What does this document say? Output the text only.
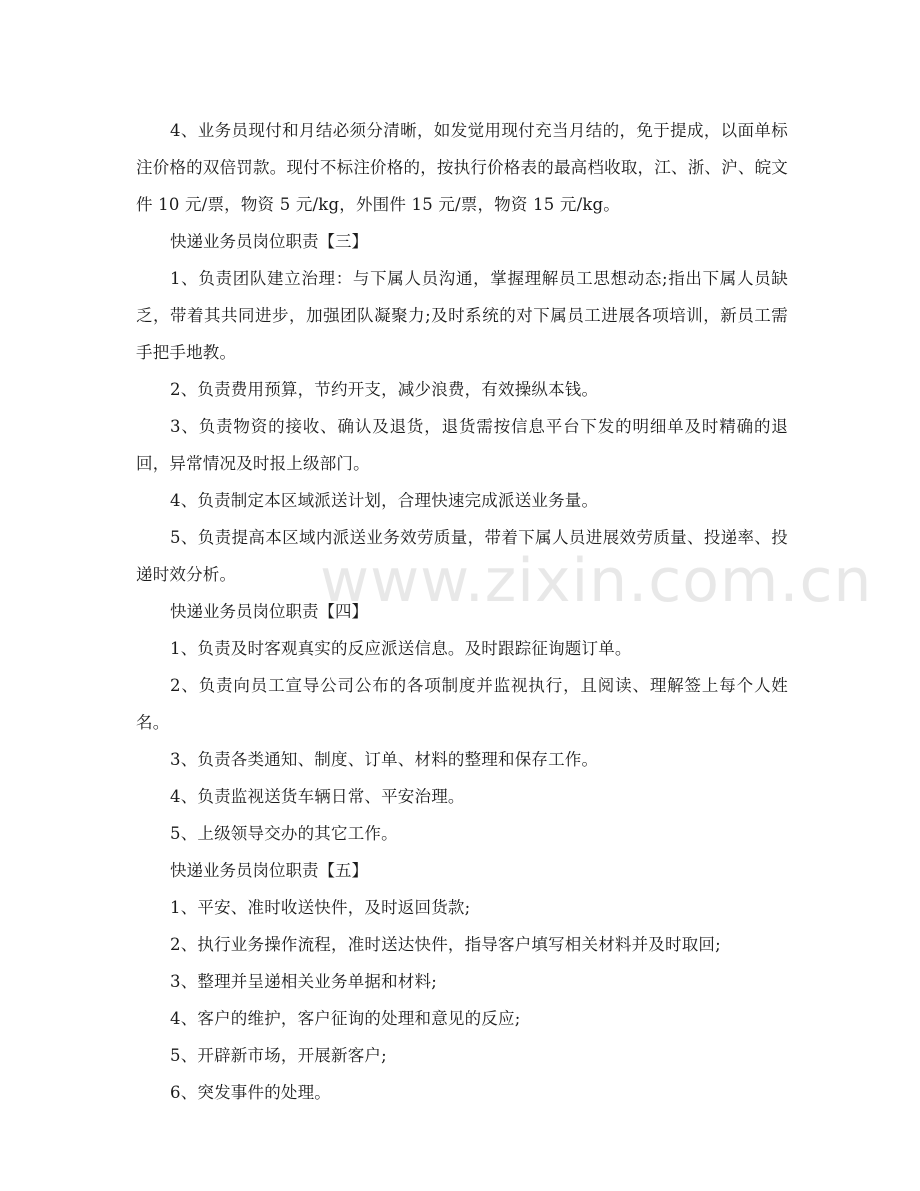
4、业务员现付和月结必须分清晰，如发觉用现付充当月结的，免于提成，以面单标注价格的双倍罚款。现付不标注价格的，按执行价格表的最高档收取，江、浙、沪、皖文件 10 元/票，物资 5 元/kg，外围件 15 元/票，物资 15 元/kg。

快递业务员岗位职责【三】

1、负责团队建立治理：与下属人员沟通，掌握理解员工思想动态;指出下属人员缺乏，带着其共同进步，加强团队凝聚力;及时系统的对下属员工进展各项培训，新员工需手把手地教。

2、负责费用预算，节约开支，减少浪费，有效操纵本钱。

3、负责物资的接收、确认及退货，退货需按信息平台下发的明细单及时精确的退回，异常情况及时报上级部门。

4、负责制定本区域派送计划，合理快速完成派送业务量。

5、负责提高本区域内派送业务效劳质量，带着下属人员进展效劳质量、投递率、投递时效分析。

快递业务员岗位职责【四】

1、负责及时客观真实的反应派送信息。及时跟踪征询题订单。

2、负责向员工宣导公司公布的各项制度并监视执行，且阅读、理解签上每个人姓名。

3、负责各类通知、制度、订单、材料的整理和保存工作。

4、负责监视送货车辆日常、平安治理。

5、上级领导交办的其它工作。

快递业务员岗位职责【五】

1、平安、准时收送快件，及时返回货款;

2、执行业务操作流程，准时送达快件，指导客户填写相关材料并及时取回;

3、整理并呈递相关业务单据和材料;

4、客户的维护，客户征询的处理和意见的反应;

5、开辟新市场，开展新客户;

6、突发事件的处理。

www.zixin.com.cn
